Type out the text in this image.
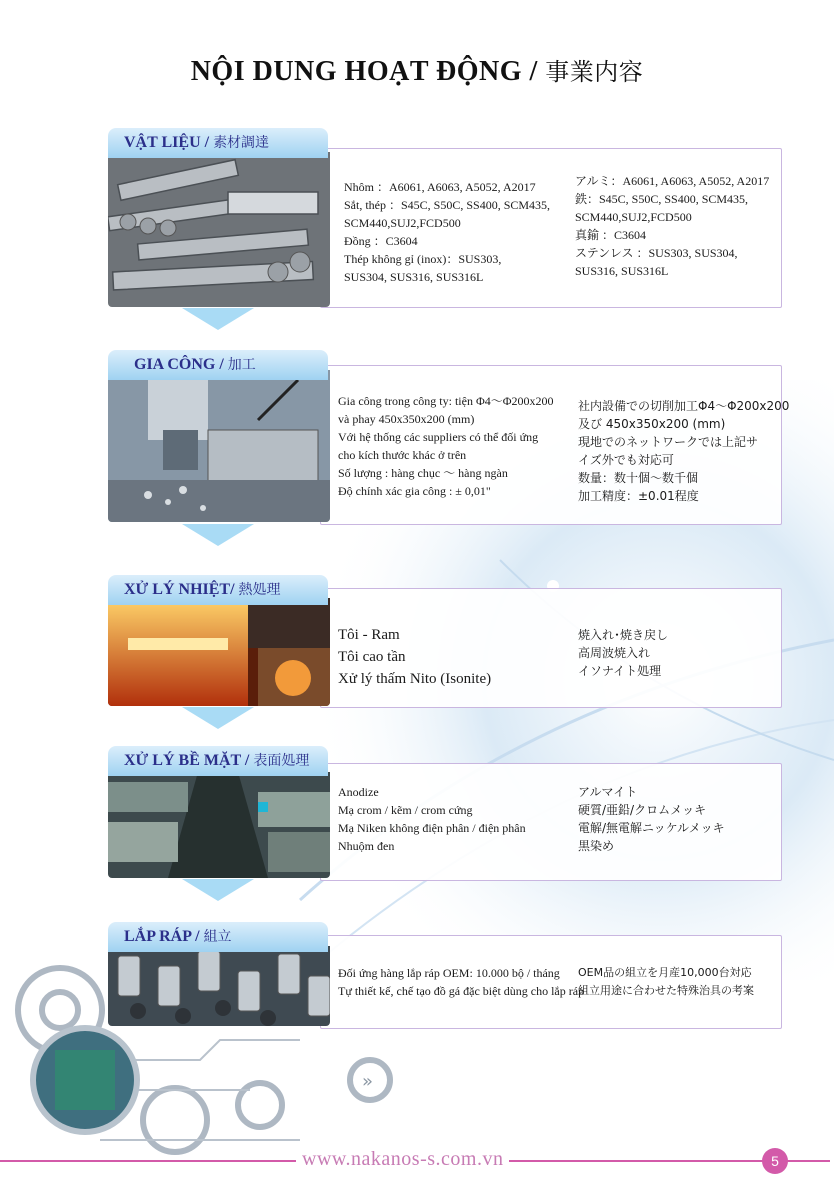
»
NỘI DUNG HOẠT ĐỘNG / 事業内容
VẬT LIỆU / 素材調達
Nhôm ：A6061, A6063, A5052, A2017
Sắt, thép ：S45C, S50C, SS400, SCM435,
SCM440,SUJ2,FCD500
Đồng ：C3604
Thép không gỉ (inox)：SUS303,
SUS304, SUS316, SUS316L
アルミ：A6061, A6063, A5052, A2017
鉄：S45C, S50C, SS400, SCM435,
SCM440,SUJ2,FCD500
真鍮 ：C3604
ステンレス ：SUS303, SUS304,
SUS316, SUS316L
GIA CÔNG / 加工
Gia công trong công ty: tiện Φ4～Φ200x200
và phay 450x350x200 (mm)
Với hệ thống các suppliers có thể đối ứng
cho kích thước khác ở trên
Số lượng : hàng chục ～ hàng ngàn
Độ chính xác gia công : ± 0,01"
社内設備での切削加工Φ4～Φ200x200
及び 450x350x200 (mm)
現地でのネットワークでは上記サ
イズ外でも対応可
数量：数十個～数千個
加工精度：±0.01程度
XỬ LÝ NHIỆT/ 熱処理
Tôi - Ram
Tôi cao tần
Xử lý thấm Nito (Isonite)
焼入れ･焼き戻し
高周波焼入れ
イソナイト処理
XỬ LÝ BỀ MẶT / 表面処理
Anodize
Mạ crom / kẽm / crom cứng
Mạ Niken không điện phân / điện phân
Nhuộm đen
アルマイト
硬質/亜鉛/クロムメッキ
電解/無電解ニッケルメッキ
黒染め
LẮP RÁP / 組立
Đối ứng hàng lắp ráp OEM: 10.000 bộ / tháng
Tự thiết kế, chế tạo đồ gá đặc biệt dùng cho lắp ráp
OEM品の組立を月産10,000台対応
組立用途に合わせた特殊治具の考案
www.nakanos-s.com.vn	5
